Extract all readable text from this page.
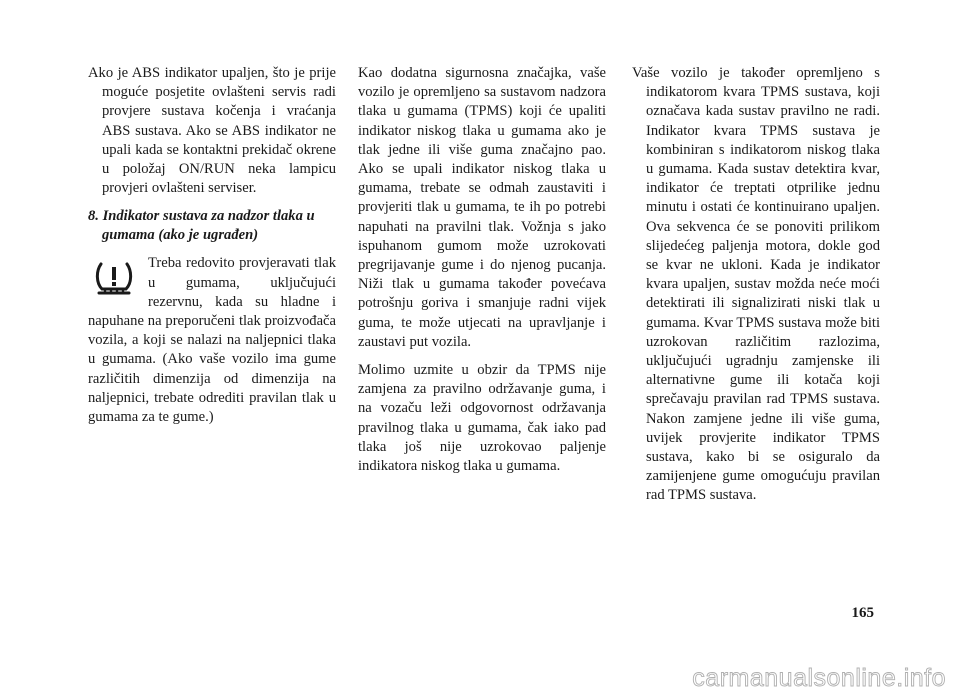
Ako je ABS indikator upaljen, što je prije moguće posjetite ovlašteni servis radi provjere sustava kočenja i vraćanja ABS sustava. Ako se ABS indikator ne upali kada se kontaktni prekidač okrene u položaj ON/RUN neka lampicu provjeri ovlašteni serviser.

8. Indikator sustava za nadzor tlaka u gumama (ako je ugrađen)

Treba redovito provjeravati tlak u gumama, uključujući rezervnu, kada su hladne i napuhane na preporučeni tlak proizvođača vozila, a koji se nalazi na naljepnici tlaka u gumama. (Ako vaše vozilo ima gume različitih dimenzija od dimenzija na naljepnici, trebate odrediti pravilan tlak u gumama za te gume.)

Kao dodatna sigurnosna značajka, vaše vozilo je opremljeno sa sustavom nadzora tlaka u gumama (TPMS) koji će upaliti indikator niskog tlaka u gumama ako je tlak jedne ili više guma značajno pao. Ako se upali indikator niskog tlaka u gumama, trebate se odmah zaustaviti i provjeriti tlak u gumama, te ih po potrebi napuhati na pravilni tlak. Vožnja s jako ispuhanom gumom može uzrokovati pregrijavanje gume i do njenog pucanja. Niži tlak u gumama također povećava potrošnju goriva i smanjuje radni vijek guma, te može utjecati na upravljanje i zaustavi put vozila.

Molimo uzmite u obzir da TPMS nije zamjena za pravilno održavanje guma, i na vozaču leži odgovornost održavanja pravilnog tlaka u gumama, čak iako pad tlaka još nije uzrokovao paljenje indikatora niskog tlaka u gumama.

Vaše vozilo je također opremljeno s indikatorom kvara TPMS sustava, koji označava kada sustav pravilno ne radi. Indikator kvara TPMS sustava je kombiniran s indikatorom niskog tlaka u gumama. Kada sustav detektira kvar, indikator će treptati otprilike jednu minutu i ostati će kontinuirano upaljen. Ova sekvenca će se ponoviti prilikom slijedećeg paljenja motora, dokle god se kvar ne ukloni. Kada je indikator kvara upaljen, sustav možda neće moći detektirati ili signalizirati niski tlak u gumama. Kvar TPMS sustava može biti uzrokovan različitim razlozima, uključujući ugradnju zamjenske ili alternativne gume ili kotača koji sprečavaju pravilan rad TPMS sustava. Nakon zamjene jedne ili više guma, uvijek provjerite indikator TPMS sustava, kako bi se osiguralo da zamijenjene gume omogućuju pravilan rad TPMS sustava.

165
carmanualsonline.info
